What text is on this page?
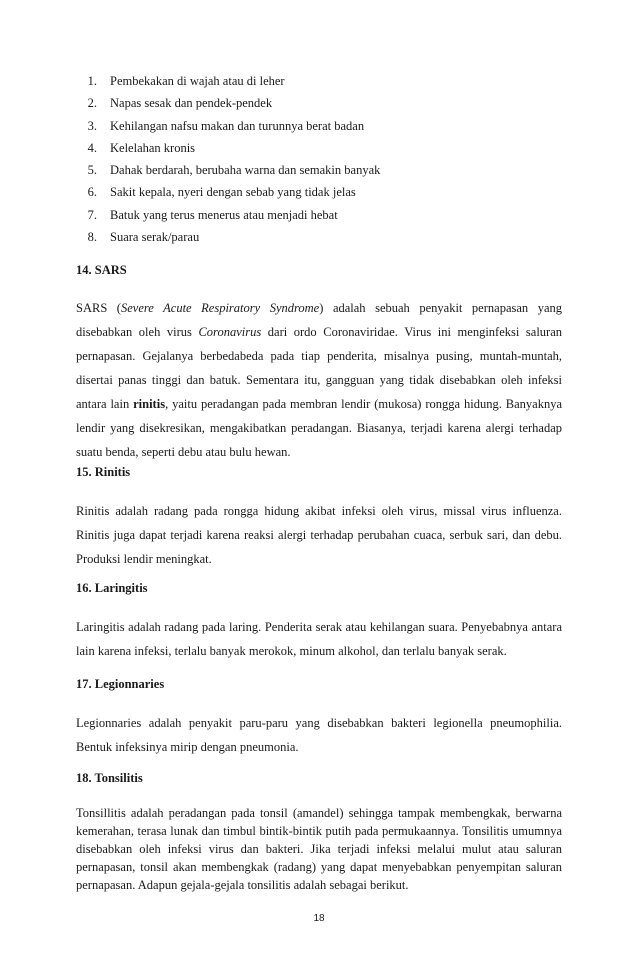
1. Pembekakan di wajah atau di leher
2. Napas sesak dan pendek-pendek
3. Kehilangan nafsu makan dan turunnya berat badan
4. Kelelahan kronis
5. Dahak berdarah, berubaha warna dan semakin banyak
6. Sakit kepala, nyeri dengan sebab yang tidak jelas
7. Batuk yang terus menerus atau menjadi hebat
8. Suara serak/parau
14. SARS

SARS (Severe Acute Respiratory Syndrome) adalah sebuah penyakit pernapasan yang disebabkan oleh virus Coronavirus dari ordo Coronaviridae. Virus ini menginfeksi saluran pernapasan. Gejalanya berbedabeda pada tiap penderita, misalnya pusing, muntah-muntah, disertai panas tinggi dan batuk. Sementara itu, gangguan yang tidak disebabkan oleh infeksi antara lain rinitis, yaitu peradangan pada membran lendir (mukosa) rongga hidung. Banyaknya lendir yang disekresikan, mengakibatkan peradangan. Biasanya, terjadi karena alergi terhadap suatu benda, seperti debu atau bulu hewan.

15. Rinitis

Rinitis adalah radang pada rongga hidung akibat infeksi oleh virus, missal virus influenza. Rinitis juga dapat terjadi karena reaksi alergi terhadap perubahan cuaca, serbuk sari, dan debu. Produksi lendir meningkat.

16. Laringitis

Laringitis adalah radang pada laring. Penderita serak atau kehilangan suara. Penyebabnya antara lain karena infeksi, terlalu banyak merokok, minum alkohol, dan terlalu banyak serak.

17. Legionnaries

Legionnaries adalah penyakit paru-paru yang disebabkan bakteri legionella pneumophilia. Bentuk infeksinya mirip dengan pneumonia.

18. Tonsilitis

Tonsillitis adalah peradangan pada tonsil (amandel) sehingga tampak membengkak, berwarna kemerahan, terasa lunak dan timbul bintik-bintik putih pada permukaannya. Tonsilitis umumnya disebabkan oleh infeksi virus dan bakteri. Jika terjadi infeksi melalui mulut atau saluran pernapasan, tonsil akan membengkak (radang) yang dapat menyebabkan penyempitan saluran pernapasan. Adapun gejala-gejala tonsilitis adalah sebagai berikut.

18
